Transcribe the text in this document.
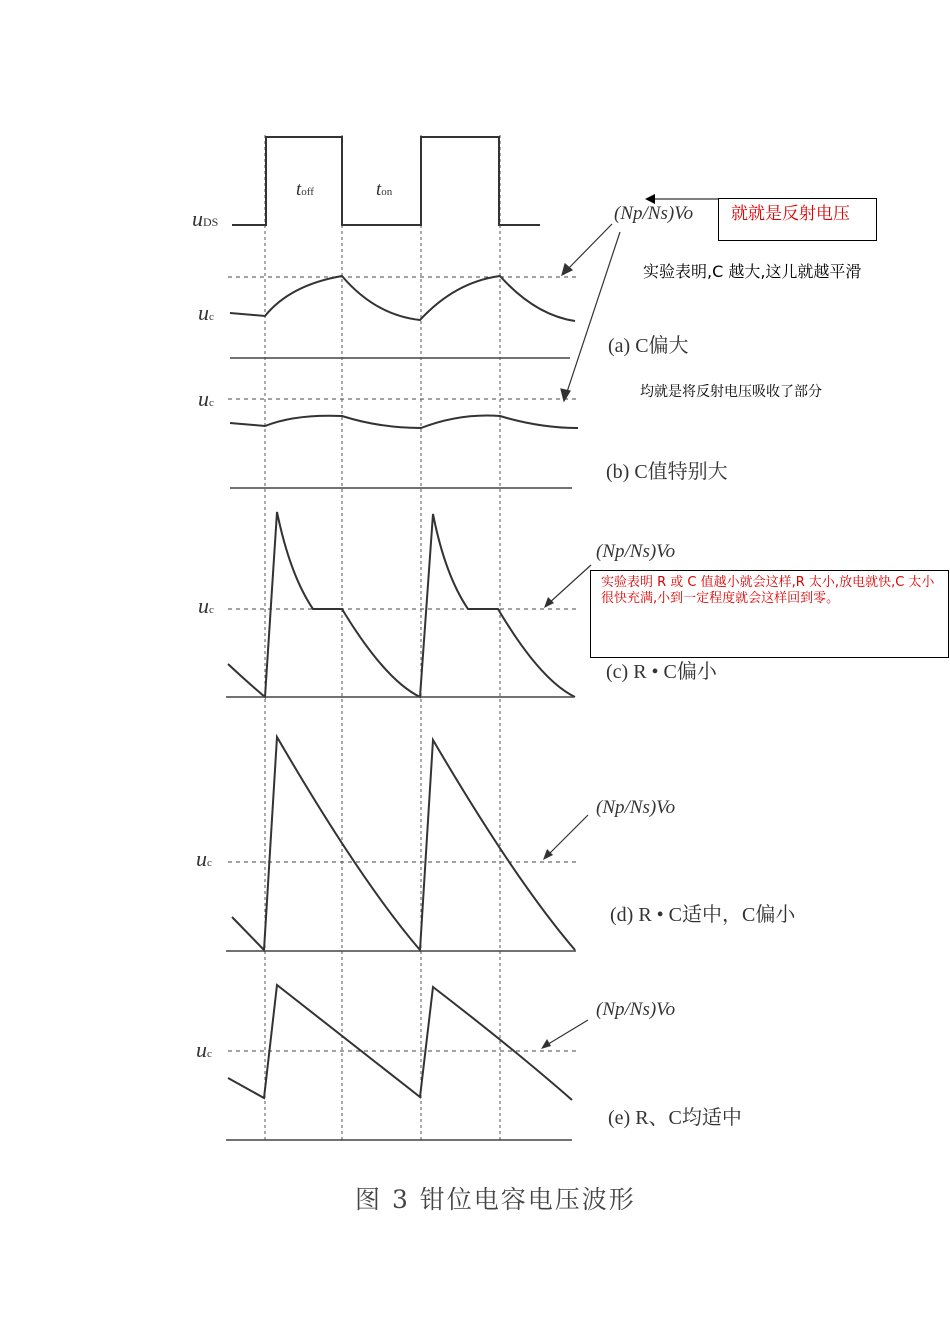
uDS
toff	ton
(Np/Ns)Vo
uc
(a) C偏大
uc
(b) C值特别大
uc
(Np/Ns)Vo
(c) R • C偏小
uc
(Np/Ns)Vo
(d) R • C适中，C偏小
uc
(Np/Ns)Vo
(e) R、C均适中
就就是反射电压
实验表明,C 越大,这儿就越平滑
均就是将反射电压吸收了部分
实验表明 R 或 C 值越小就会这样,R 太小,放电就快,C 太小很快充满,小到一定程度就会这样回到零。
图 3 钳位电容电压波形
